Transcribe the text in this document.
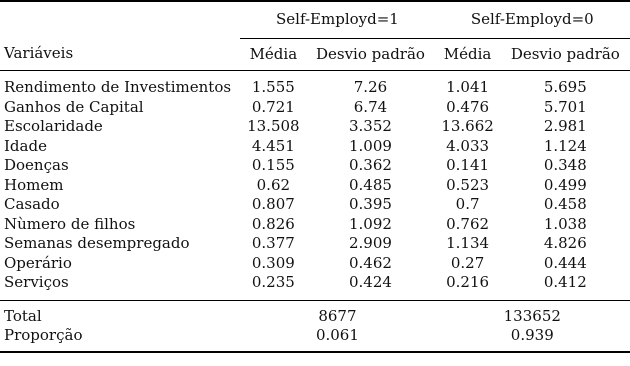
	Self-Employd=1		Self-Employd=0	
Variáveis	Média	Desvio padrão	Média	Desvio padrão
Rendimento de Investimentos	1.555	7.26	1.041	5.695
Ganhos de Capital	0.721	6.74	0.476	5.701
Escolaridade	13.508	3.352	13.662	2.981
Idade	4.451	1.009	4.033	1.124
Doenças	0.155	0.362	0.141	0.348
Homem	0.62	0.485	0.523	0.499
Casado	0.807	0.395	0.7	0.458
Nùmero de filhos	0.826	1.092	0.762	1.038
Semanas desempregado	0.377	2.909	1.134	4.826
Operário	0.309	0.462	0.27	0.444
Serviços	0.235	0.424	0.216	0.412
Total	8677		133652	
Proporção	0.061		0.939	
